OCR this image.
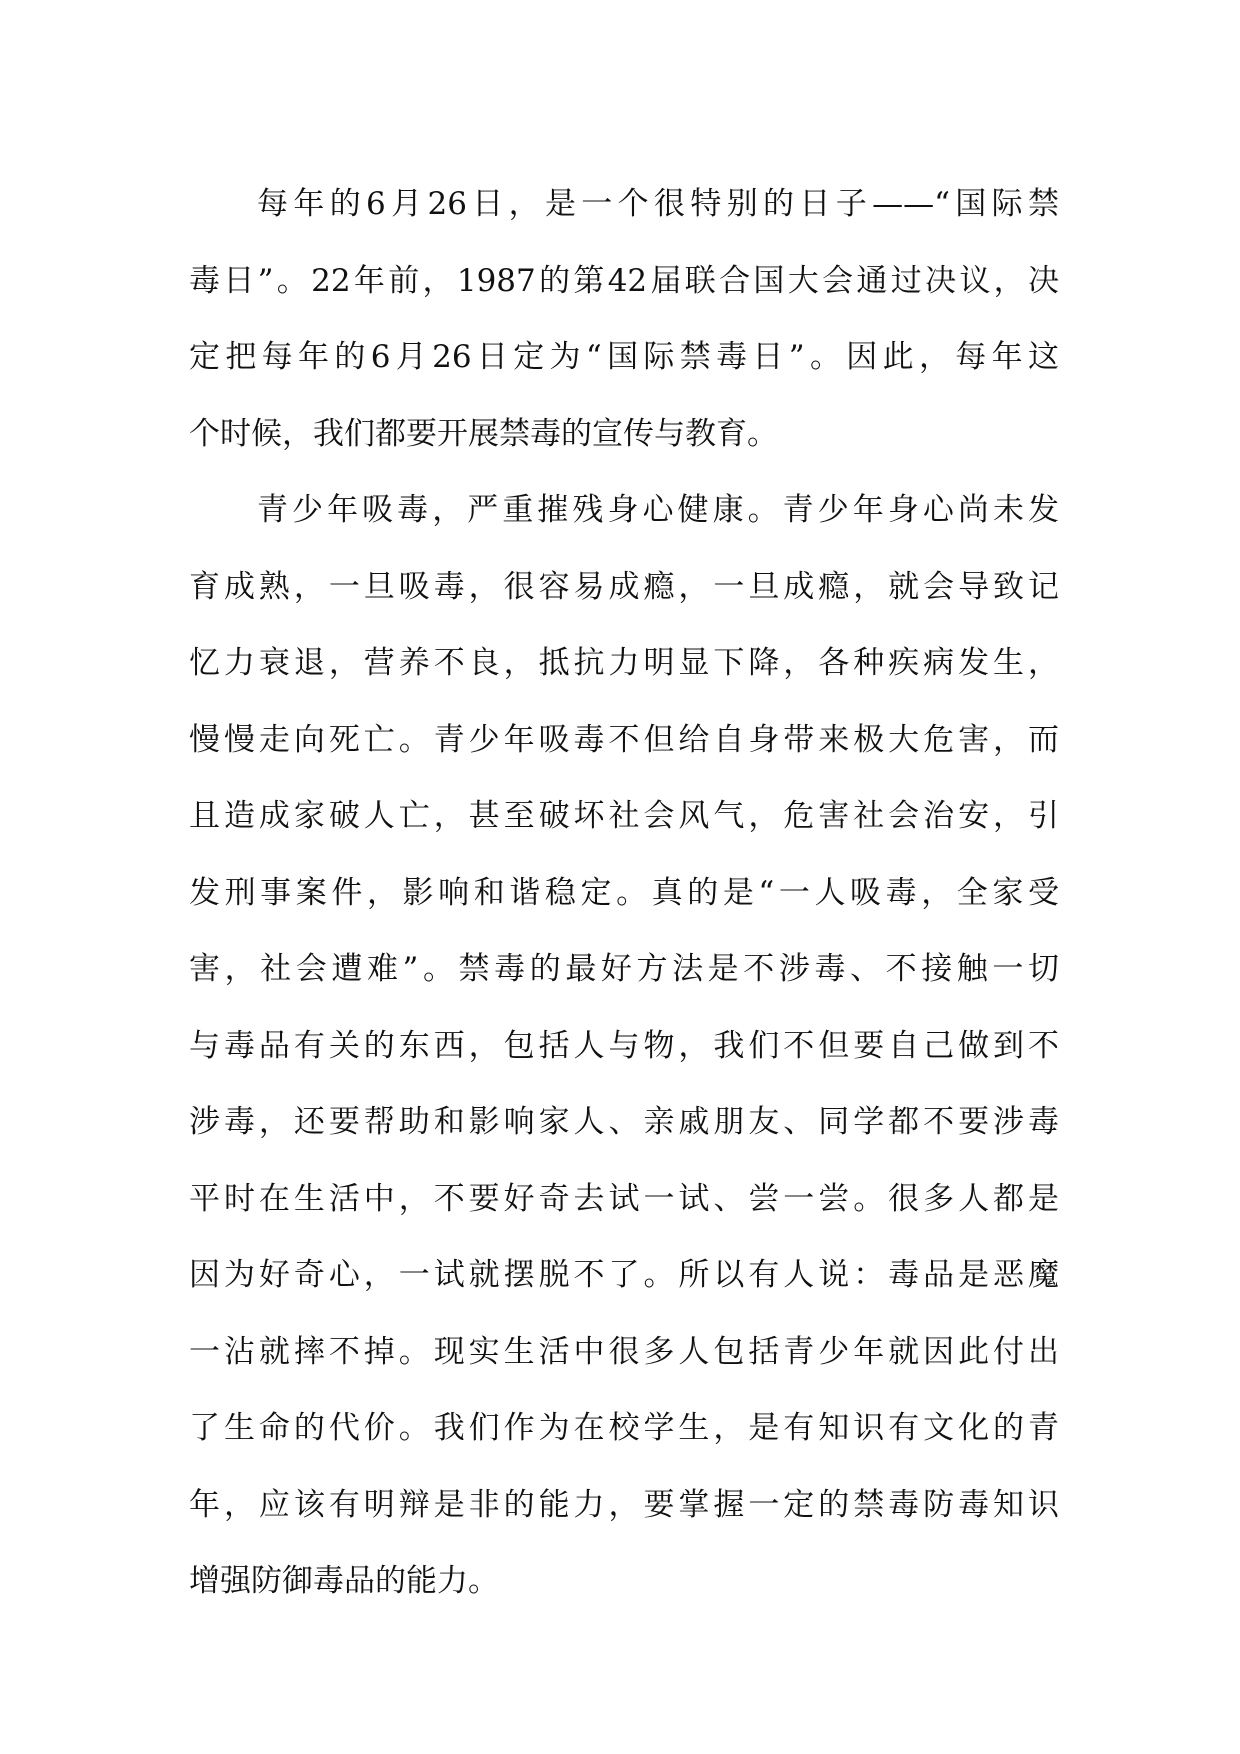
每年的6月26日，是一个很特别的日子——“国际禁
毒日”。22年前，1987的第42届联合国大会通过决议，决
定把每年的6月26日定为“国际禁毒日”。因此，每年这
个时候，我们都要开展禁毒的宣传与教育。
青少年吸毒，严重摧残身心健康。青少年身心尚未发
育成熟，一旦吸毒，很容易成瘾，一旦成瘾，就会导致记
忆力衰退，营养不良，抵抗力明显下降，各种疾病发生，
慢慢走向死亡。青少年吸毒不但给自身带来极大危害，而
且造成家破人亡，甚至破坏社会风气，危害社会治安，引
发刑事案件，影响和谐稳定。真的是“一人吸毒，全家受
害，社会遭难”。禁毒的最好方法是不涉毒、不接触一切
与毒品有关的东西，包括人与物，我们不但要自己做到不
涉毒，还要帮助和影响家人、亲戚朋友、同学都不要涉毒
平时在生活中，不要好奇去试一试、尝一尝。很多人都是
因为好奇心，一试就摆脱不了。所以有人说：毒品是恶魔
一沾就摔不掉。现实生活中很多人包括青少年就因此付出
了生命的代价。我们作为在校学生，是有知识有文化的青
年，应该有明辩是非的能力，要掌握一定的禁毒防毒知识
增强防御毒品的能力。
